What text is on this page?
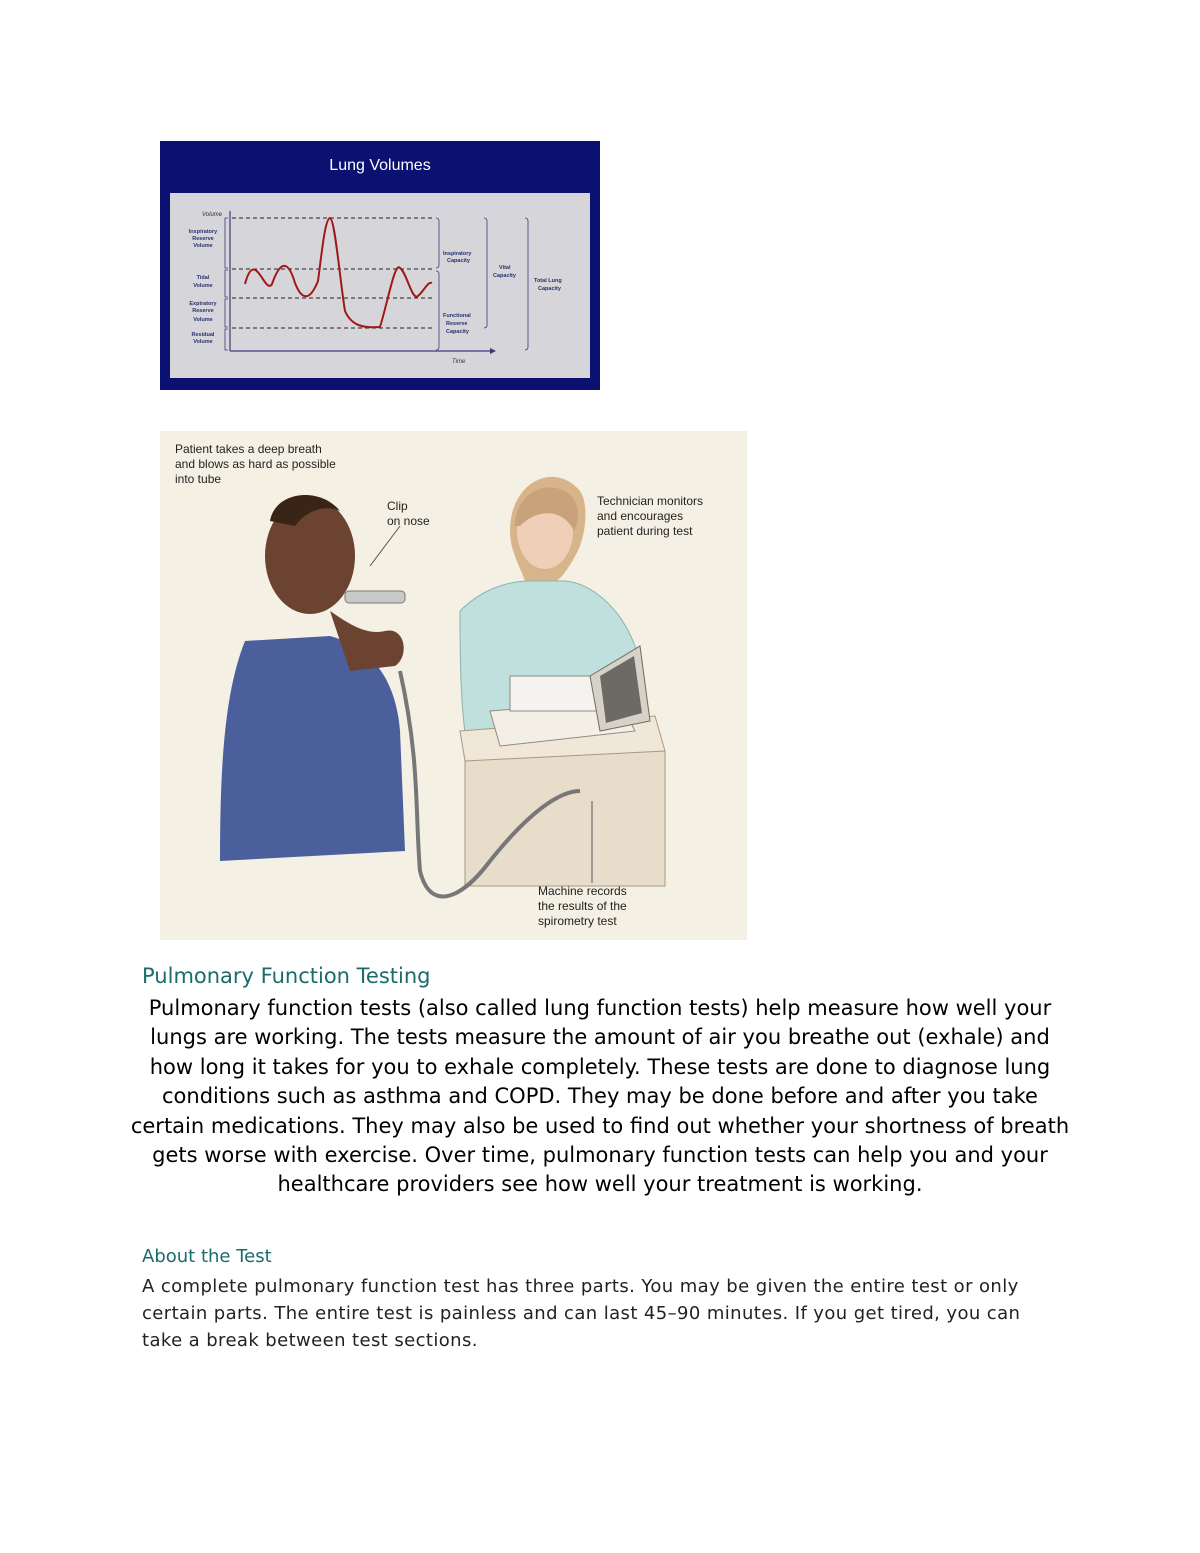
Lung Volumes
Volume
Time
Inspiratory
Reserve
Volume
Tidal
Volume
Expiratory
Reserve
Volume
Residual
Volume
Inspiratory
Capacity
Functional
Reserve
Capacity
Vital
Capacity
Total Lung
Capacity
Patient takes a deep breath
and blows as hard as possible
into tube
Clip
on nose
Technician monitors
and encourages
patient during test
Machine records
the results of the
spirometry test
Pulmonary Function Testing

Pulmonary function tests (also called lung function tests) help measure how well your lungs are working. The tests measure the amount of air you breathe out (exhale) and how long it takes for you to exhale completely. These tests are done to diagnose lung conditions such as asthma and COPD. They may be done before and after you take certain medications. They may also be used to find out whether your shortness of breath gets worse with exercise. Over time, pulmonary function tests can help you and your healthcare providers see how well your treatment is working.

About the Test

A complete pulmonary function test has three parts. You may be given the entire test or only certain parts. The entire test is painless and can last 45–90 minutes. If you get tired, you can take a break between test sections.
